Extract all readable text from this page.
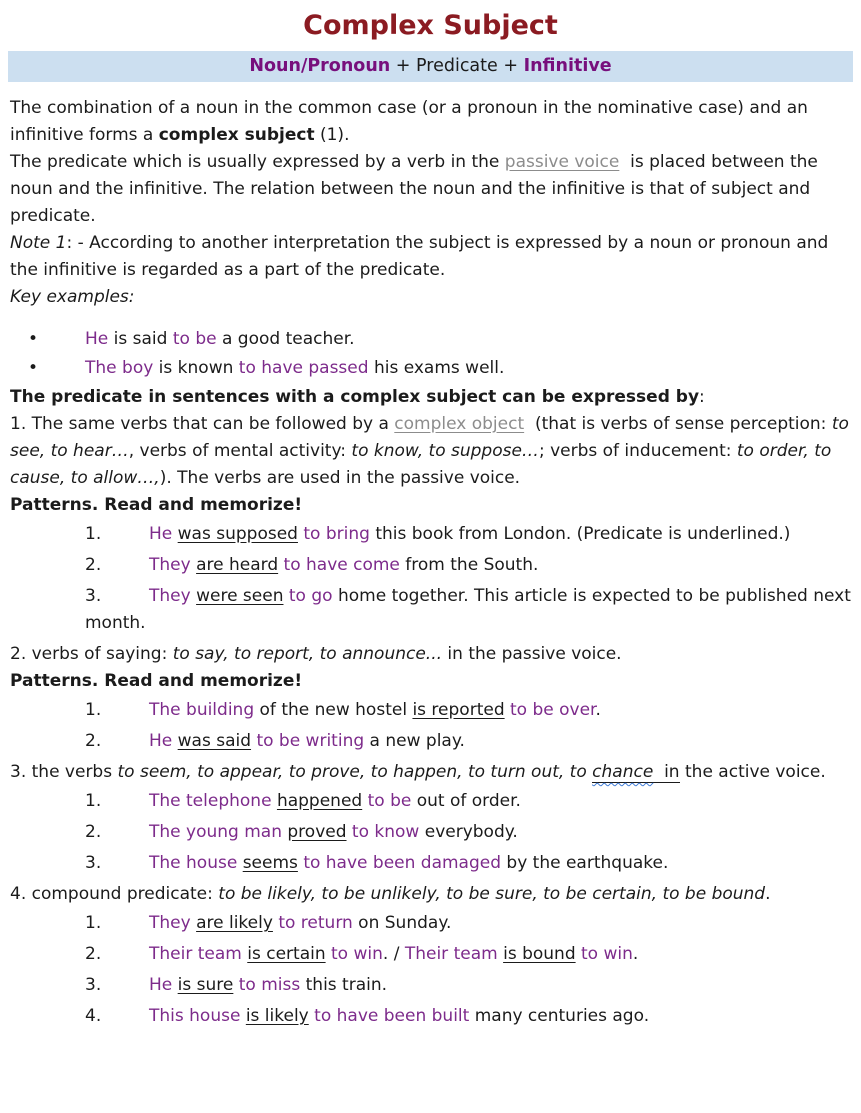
Complex Subject
Noun/Pronoun + Predicate + Infinitive

The combination of a noun in the common case (or a pronoun in the nominative case) and an infinitive forms a complex subject (1).

The predicate which is usually expressed by a verb in the passive voice  is placed between the noun and the infinitive. The relation between the noun and the infinitive is that of subject and predicate.

Note 1: - According to another interpretation the subject is expressed by a noun or pronoun and the infinitive is regarded as a part of the predicate.

Key examples:

•	He is said to be a good teacher.
•	The boy is known to have passed his exams well.

The predicate in sentences with a complex subject can be expressed by:

1. The same verbs that can be followed by a complex object  (that is verbs of sense perception: to see, to hear…, verbs of mental activity: to know, to suppose…; verbs of inducement: to order, to cause, to allow…,). The verbs are used in the passive voice.

Patterns. Read and memorize!

1.	He was supposed to bring this book from London. (Predicate is underlined.)
2.	They are heard to have come from the South.
3.	They were seen to go home together. This article is expected to be published next month.

2. verbs of saying: to say, to report, to announce... in the passive voice.

Patterns. Read and memorize!

1.	The building of the new hostel is reported to be over.
2.	He was said to be writing a new play.

3. the verbs to seem, to appear, to prove, to happen, to turn out, to chance  in the active voice.

1.	The telephone happened to be out of order.
2.	The young man proved to know everybody.
3.	The house seems to have been damaged by the earthquake.

4. compound predicate: to be likely, to be unlikely, to be sure, to be certain, to be bound.

1.	They are likely to return on Sunday.
2.	Their team is certain to win. / Their team is bound to win.
3.	He is sure to miss this train.
4.	This house is likely to have been built many centuries ago.
